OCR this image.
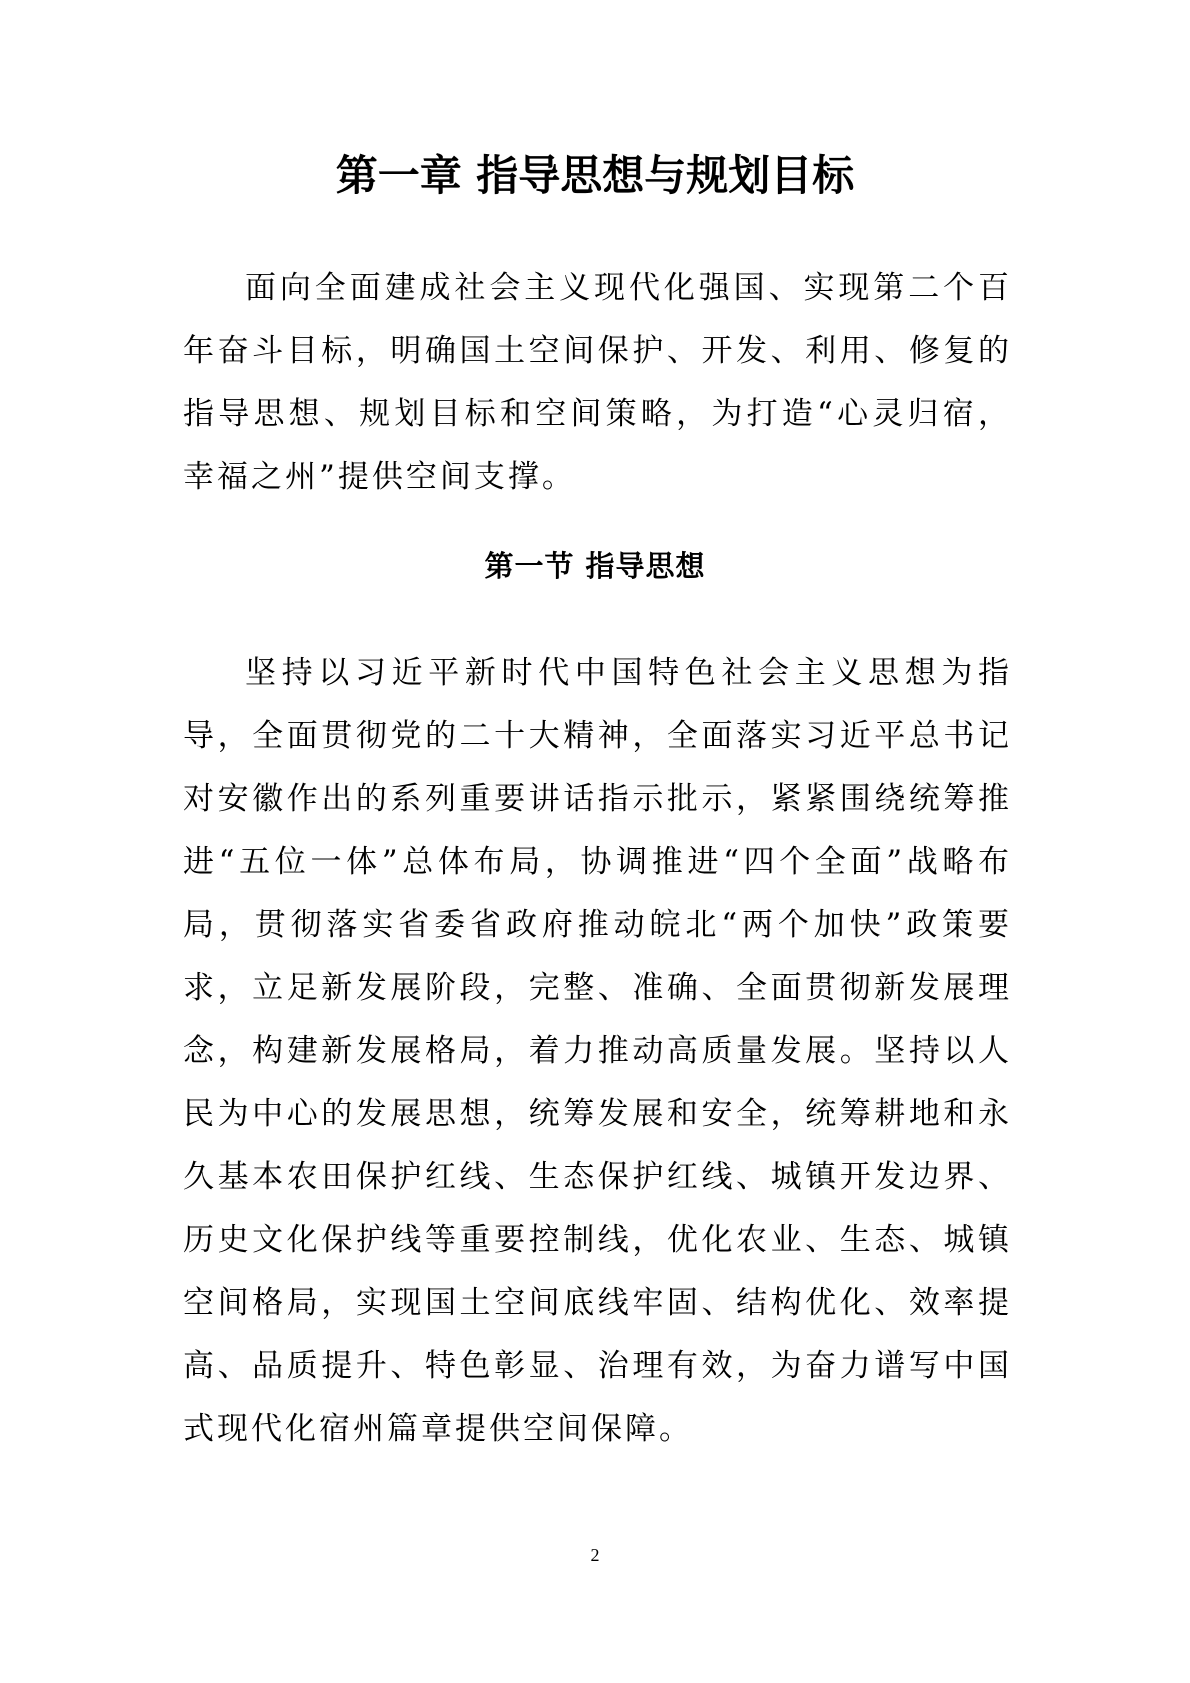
第一章 指导思想与规划目标

面向全面建成社会主义现代化强国、实现第二个百年奋斗目标，明确国土空间保护、开发、利用、修复的指导思想、规划目标和空间策略，为打造“心灵归宿，幸福之州”提供空间支撑。

第一节 指导思想

坚持以习近平新时代中国特色社会主义思想为指导，全面贯彻党的二十大精神，全面落实习近平总书记对安徽作出的系列重要讲话指示批示，紧紧围绕统筹推进“五位一体”总体布局，协调推进“四个全面”战略布局，贯彻落实省委省政府推动皖北“两个加快”政策要求，立足新发展阶段，完整、准确、全面贯彻新发展理念，构建新发展格局，着力推动高质量发展。坚持以人民为中心的发展思想，统筹发展和安全，统筹耕地和永久基本农田保护红线、生态保护红线、城镇开发边界、历史文化保护线等重要控制线，优化农业、生态、城镇空间格局，实现国土空间底线牢固、结构优化、效率提高、品质提升、特色彰显、治理有效，为奋力谱写中国式现代化宿州篇章提供空间保障。

2
